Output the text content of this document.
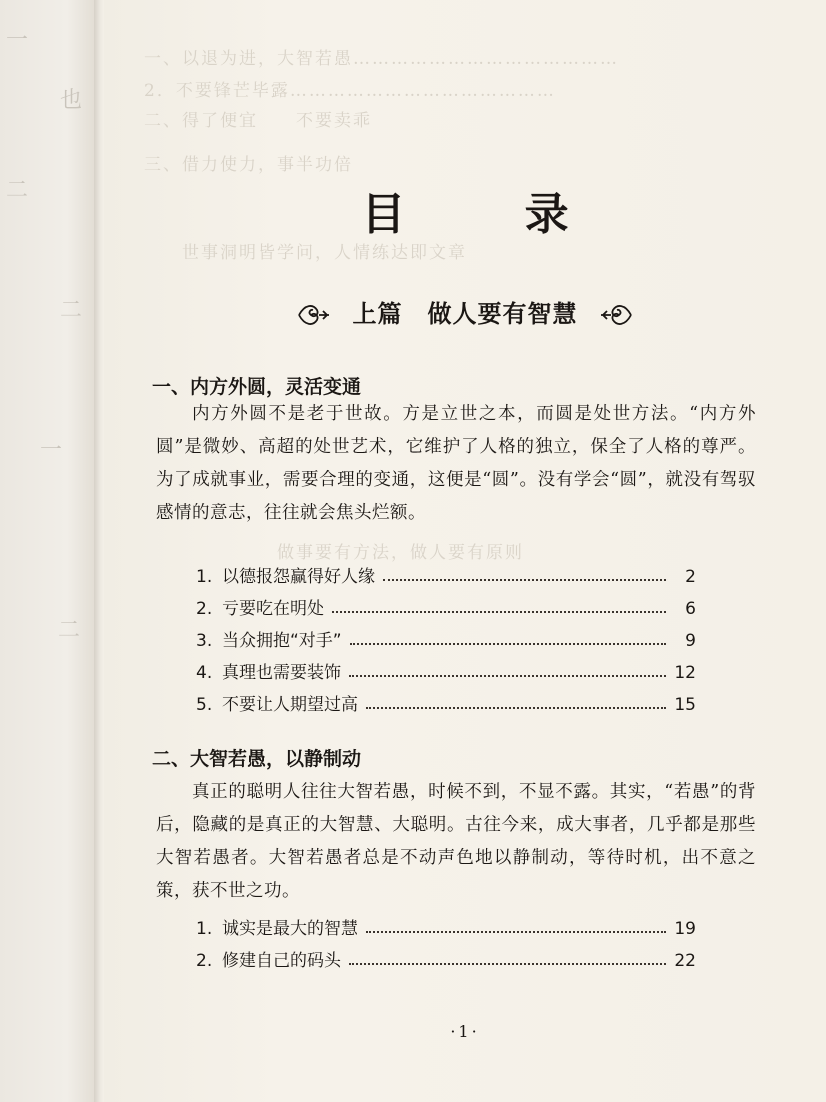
一
也
二
二
一
二
一、以退为进，大智若愚……………………………………
2．不要锋芒毕露……………………………………
二、得了便宜　　不要卖乖
三、借力使力，事半功倍
　　世事洞明皆学问，人情练达即文章
　　　　　　　做事要有方法，做人要有原则
目 录
上篇　做人要有智慧
一、内方外圆，灵活变通
内方外圆不是老于世故。方是立世之本，而圆是处世方法。“内方外圆”是微妙、高超的处世艺术，它维护了人格的独立，保全了人格的尊严。为了成就事业，需要合理的变通，这便是“圆”。没有学会“圆”，就没有驾驭感情的意志，往往就会焦头烂额。
1. 以德报怨赢得好人缘	2
2. 亏要吃在明处	6
3. 当众拥抱“对手”	9
4. 真理也需要装饰	12
5. 不要让人期望过高	15
二、大智若愚，以静制动
真正的聪明人往往大智若愚，时候不到，不显不露。其实，“若愚”的背后，隐藏的是真正的大智慧、大聪明。古往今来，成大事者，几乎都是那些大智若愚者。大智若愚者总是不动声色地以静制动，等待时机，出不意之策，获不世之功。
1. 诚实是最大的智慧	19
2. 修建自己的码头	22
·1·
